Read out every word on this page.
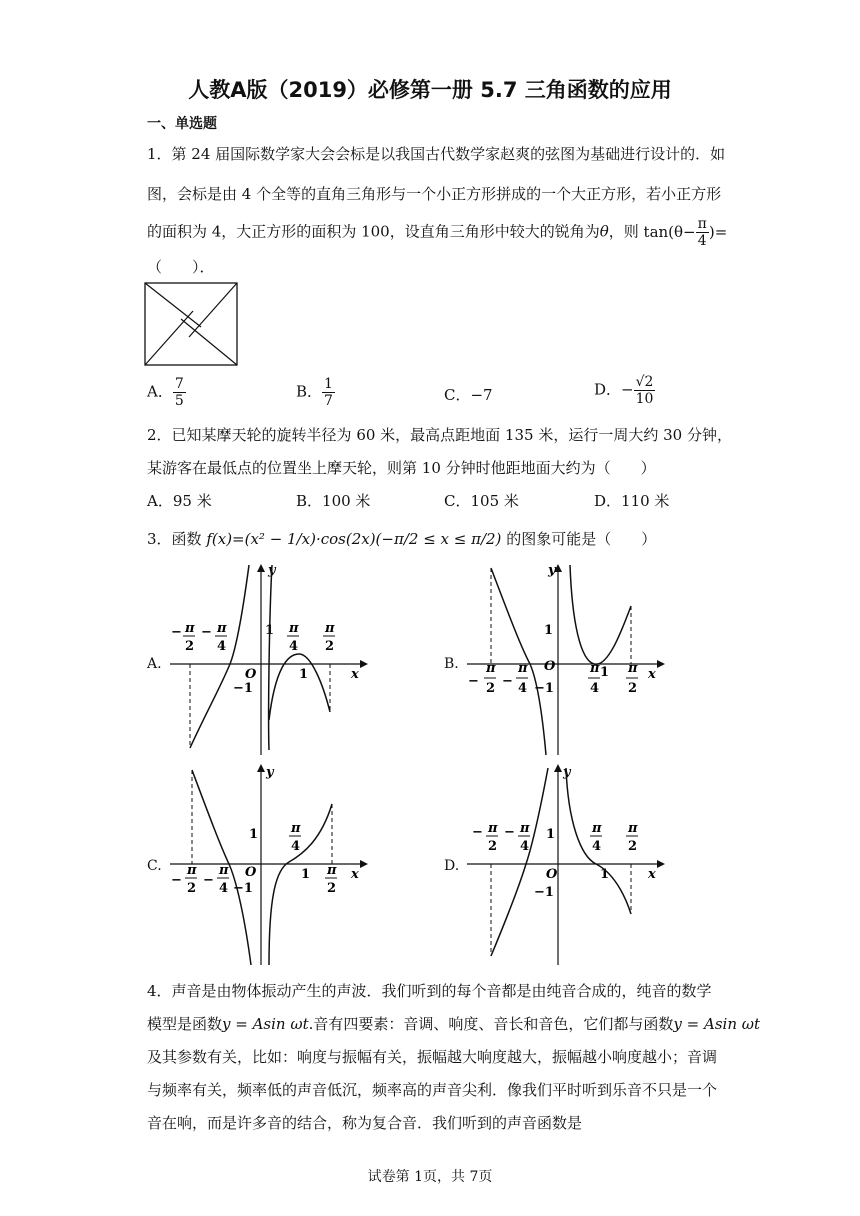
人教A版（2019）必修第一册 5.7 三角函数的应用
一、单选题
1．第 24 届国际数学家大会会标是以我国古代数学家赵爽的弦图为基础进行设计的．如
图，会标是由 4 个全等的直角三角形与一个小正方形拼成的一个大正方形，若小正方形
的面积为 4，大正方形的面积为 100，设直角三角形中较大的锐角为θ，则 $\tan(\theta- \frac{\pi}{4}$ )=
（　　）．
A． $\frac{7}{5}$	B． $\frac{1}{7}$	C．−7	D．− $\frac{√2}{10}$
2．已知某摩天轮的旋转半径为 60 米，最高点距地面 135 米，运行一周大约 30 分钟，
某游客在最低点的位置坐上摩天轮，则第 10 分钟时他距地面大约为（　　）
A．95 米	B．100 米	C．105 米	D．110 米
3．函数 f(x)=(x² − 1/x)·cos(2x)(−π/2 ≤ x ≤ π/2) 的图象可能是（　　）
A.
y
x
O
1
−1
1
− π
2
− π
4
π
4
π
2
B.
y
x
O
1
−1
1
−
π
2 −
π
4
π
4
π
2
C.
y
x
O
1
−1
1
−
π
2
−
π
4
π
4
π
2
D.
y
x
O
1
−1
1
− π
2
− π
4
π
4
π
2
4．声音是由物体振动产生的声波．我们听到的每个音都是由纯音合成的，纯音的数学
模型是函数y = Asin ωt.音有四要素：音调、响度、音长和音色，它们都与函数y = Asin ωt
及其参数有关，比如：响度与振幅有关，振幅越大响度越大，振幅越小响度越小；音调
与频率有关，频率低的声音低沉，频率高的声音尖利．像我们平时听到乐音不只是一个
音在响，而是许多音的结合，称为复合音．我们听到的声音函数是
试卷第 1页，共 7页
